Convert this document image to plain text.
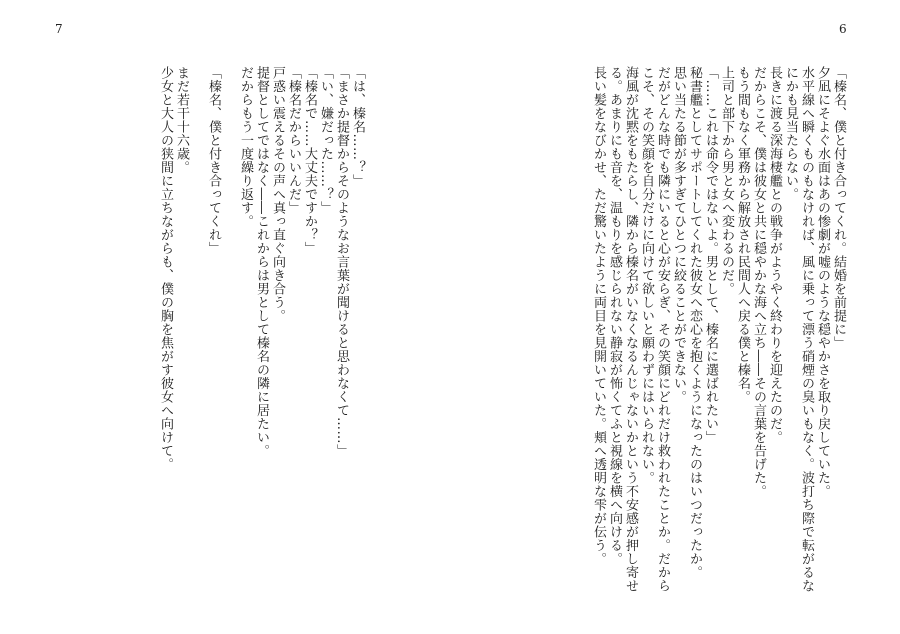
7	6
「榛名、僕と付き合ってくれ。結婚を前提に」
夕凪にそよぐ水面はあの惨劇が嘘のような穏やかさを取り戻していた。
水平線へ瞬くものもなければ、風に乗って漂う硝煙の臭いもなく。波打ち際で転がるな
にかも見当たらない。
長きに渡る深海棲艦との戦争がようやく終わりを迎えたのだ。
だからこそ、僕は彼女と共に穏やかな海へ立ち――その言葉を告げた。
もう間もなく軍務から解放され民間人へ戻る僕と榛名。
上司と部下から男と女へ変わるのだ。
「……これは命令ではないよ。男として、榛名に選ばれたい」
秘書艦としてサポートしてくれた彼女へ恋心を抱くようになったのはいつだったか。
思い当たる節が多すぎてひとつに絞ることができない。
だがどんな時でも隣にいると心が安らぎ、その笑顔にどれだけ救われたことか。だから
こそ、その笑顔を自分だけに向けて欲しいと願わずにはいられない。
海風が沈黙をもたらし、隣から榛名がいなくなるんじゃないかという不安感が押し寄せ
る。あまりにも音を、温もりを感じられない静寂が怖くてふと視線を横へ向ける。
長い髪をなびかせ、ただ驚いたように両目を見開いていた。頬へ透明な雫が伝う。
「は、榛名……？」
「まさか提督からそのようなお言葉が聞けると思わなくて……」
「い、嫌だった……？」
「榛名で……大丈夫ですか？」
「榛名だからいいんだ」
戸惑い震えるその声へ真っ直ぐ向き合う。
提督としてではなく――これからは男として榛名の隣に居たい。
だからもう一度繰り返す。

「榛名、僕と付き合ってくれ」

まだ若干十六歳。
少女と大人の狭間に立ちながらも、僕の胸を焦がす彼女へ向けて。
